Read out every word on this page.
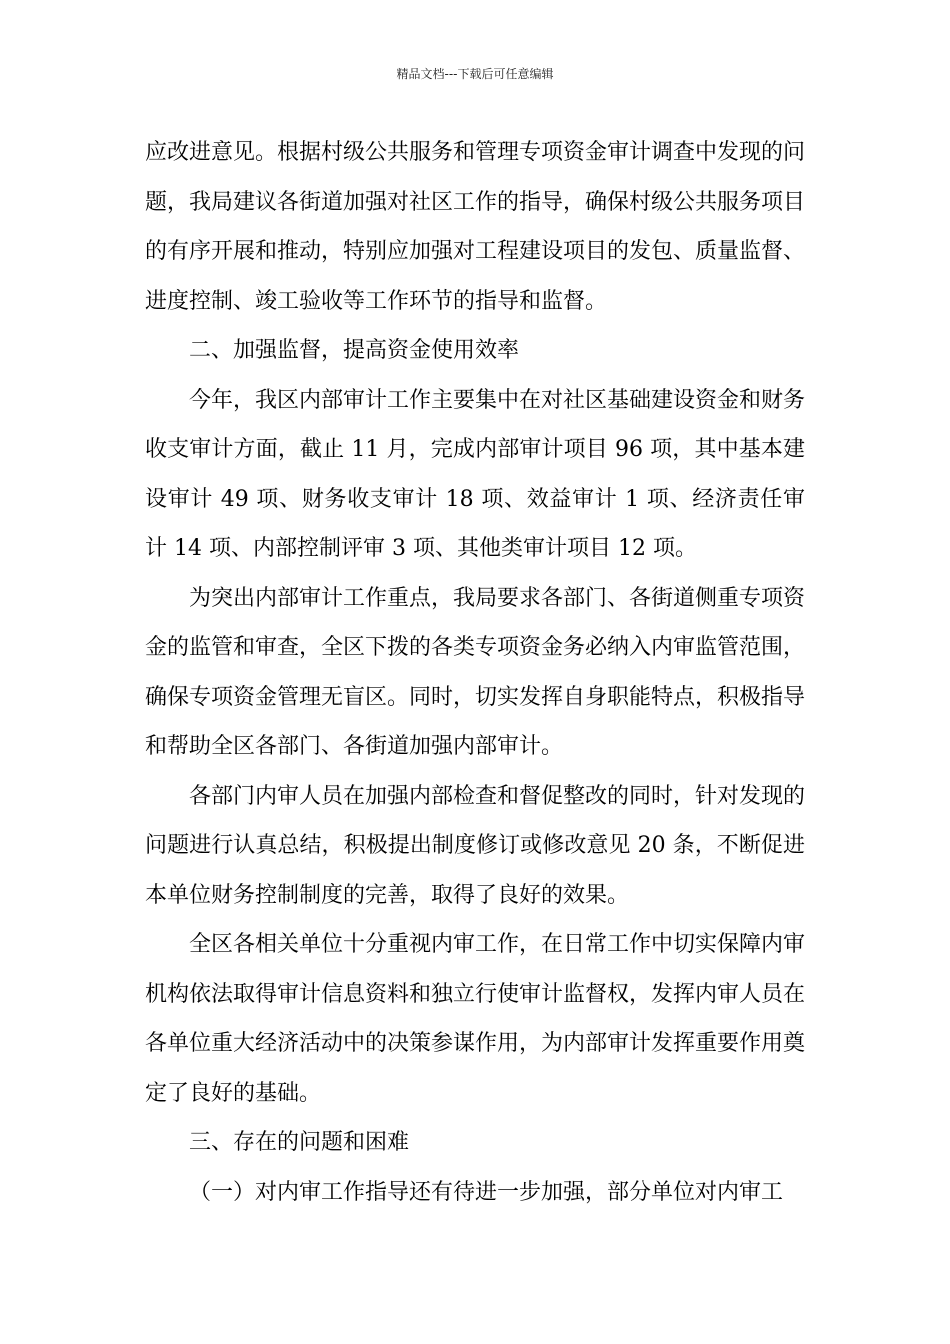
精品文档---下载后可任意编辑

应改进意见。根据村级公共服务和管理专项资金审计调查中发现的问题，我局建议各街道加强对社区工作的指导，确保村级公共服务项目的有序开展和推动，特别应加强对工程建设项目的发包、质量监督、进度控制、竣工验收等工作环节的指导和监督。

二、加强监督，提高资金使用效率

今年，我区内部审计工作主要集中在对社区基础建设资金和财务收支审计方面，截止 11 月，完成内部审计项目 96 项，其中基本建设审计 49 项、财务收支审计 18 项、效益审计 1 项、经济责任审计 14 项、内部控制评审 3 项、其他类审计项目 12 项。

为突出内部审计工作重点，我局要求各部门、各街道侧重专项资金的监管和审查，全区下拨的各类专项资金务必纳入内审监管范围，确保专项资金管理无盲区。同时，切实发挥自身职能特点，积极指导和帮助全区各部门、各街道加强内部审计。

各部门内审人员在加强内部检查和督促整改的同时，针对发现的问题进行认真总结，积极提出制度修订或修改意见 20 条，不断促进本单位财务控制制度的完善，取得了良好的效果。

全区各相关单位十分重视内审工作，在日常工作中切实保障内审机构依法取得审计信息资料和独立行使审计监督权，发挥内审人员在各单位重大经济活动中的决策参谋作用，为内部审计发挥重要作用奠定了良好的基础。

三、存在的问题和困难

（一）对内审工作指导还有待进一步加强，部分单位对内审工
